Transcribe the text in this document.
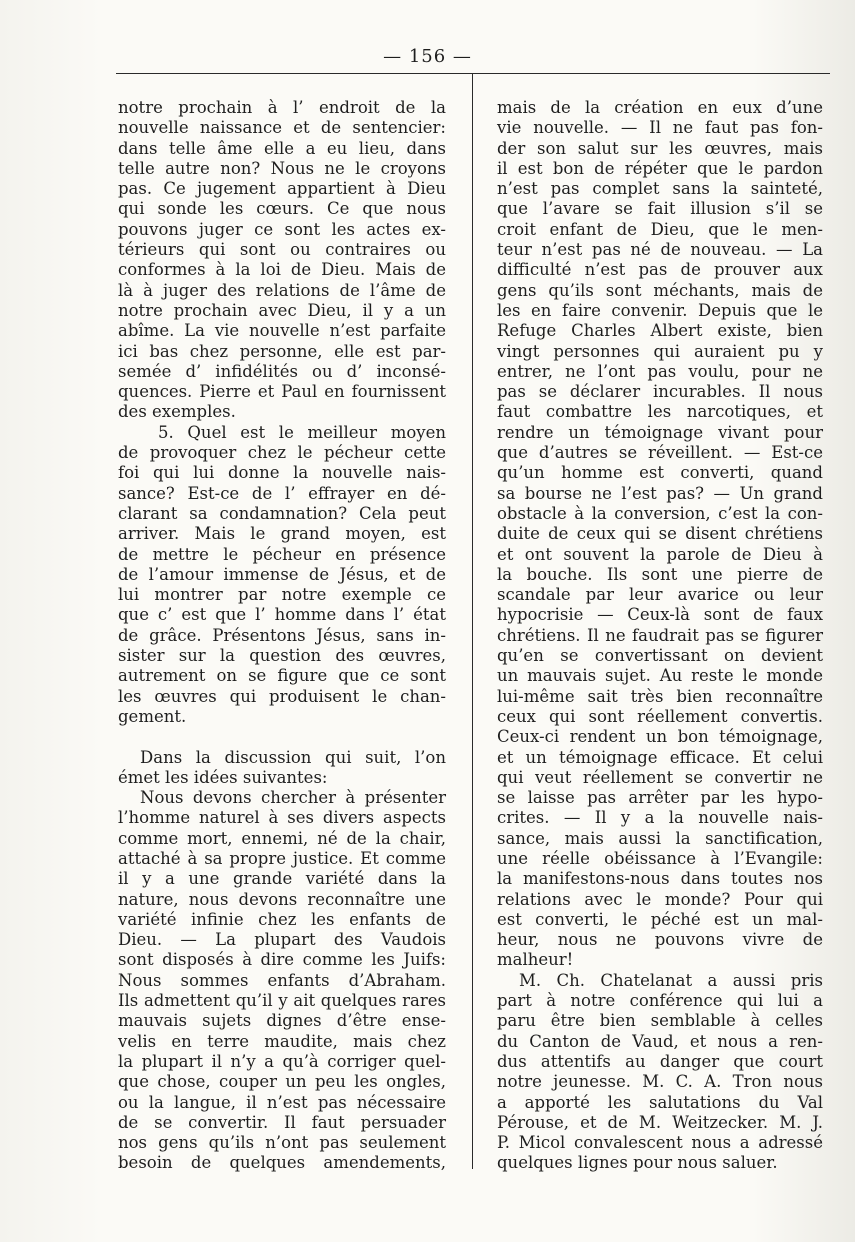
— 156 —
notre prochain à l’ endroit de la
nouvelle naissance et de sentencier:
dans telle âme elle a eu lieu, dans
telle autre non? Nous ne le croyons
pas. Ce jugement appartient à Dieu
qui sonde les cœurs. Ce que nous
pouvons juger ce sont les actes ex-
térieurs qui sont ou contraires ou
conformes à la loi de Dieu. Mais de
là à juger des relations de l’âme de
notre prochain avec Dieu, il y a un
abîme. La vie nouvelle n’est parfaite
ici bas chez personne, elle est par-
semée d’ infidélités ou d’ inconsé-
quences. Pierre et Paul en fournissent
des exemples.
5. Quel est le meilleur moyen
de provoquer chez le pécheur cette
foi qui lui donne la nouvelle nais-
sance? Est-ce de l’ effrayer en dé-
clarant sa condamnation? Cela peut
arriver. Mais le grand moyen, est
de mettre le pécheur en présence
de l’amour immense de Jésus, et de
lui montrer par notre exemple ce
que c’ est que l’ homme dans l’ état
de grâce. Présentons Jésus, sans in-
sister sur la question des œuvres,
autrement on se figure que ce sont
les œuvres qui produisent le chan-
gement.
Dans la discussion qui suit, l’on
émet les idées suivantes:
Nous devons chercher à présenter
l’homme naturel à ses divers aspects
comme mort, ennemi, né de la chair,
attaché à sa propre justice. Et comme
il y a une grande variété dans la
nature, nous devons reconnaître une
variété infinie chez les enfants de
Dieu. — La plupart des Vaudois
sont disposés à dire comme les Juifs:
Nous sommes enfants d’Abraham.
Ils admettent qu’il y ait quelques rares
mauvais sujets dignes d’être ense-
velis en terre maudite, mais chez
la plupart il n’y a qu’à corriger quel-
que chose, couper un peu les ongles,
ou la langue, il n’est pas nécessaire
de se convertir. Il faut persuader
nos gens qu’ils n’ont pas seulement
besoin de quelques amendements,
mais de la création en eux d’une
vie nouvelle. — Il ne faut pas fon-
der son salut sur les œuvres, mais
il est bon de répéter que le pardon
n’est pas complet sans la sainteté,
que l’avare se fait illusion s’il se
croit enfant de Dieu, que le men-
teur n’est pas né de nouveau. — La
difficulté n’est pas de prouver aux
gens qu’ils sont méchants, mais de
les en faire convenir. Depuis que le
Refuge Charles Albert existe, bien
vingt personnes qui auraient pu y
entrer, ne l’ont pas voulu, pour ne
pas se déclarer incurables. Il nous
faut combattre les narcotiques, et
rendre un témoignage vivant pour
que d’autres se réveillent. — Est-ce
qu’un homme est converti, quand
sa bourse ne l’est pas? — Un grand
obstacle à la conversion, c’est la con-
duite de ceux qui se disent chrétiens
et ont souvent la parole de Dieu à
la bouche. Ils sont une pierre de
scandale par leur avarice ou leur
hypocrisie — Ceux-là sont de faux
chrétiens. Il ne faudrait pas se figurer
qu’en se convertissant on devient
un mauvais sujet. Au reste le monde
lui-même sait très bien reconnaître
ceux qui sont réellement convertis.
Ceux-ci rendent un bon témoignage,
et un témoignage efficace. Et celui
qui veut réellement se convertir ne
se laisse pas arrêter par les hypo-
crites. — Il y a la nouvelle nais-
sance, mais aussi la sanctification,
une réelle obéissance à l’Evangile:
la manifestons-nous dans toutes nos
relations avec le monde? Pour qui
est converti, le péché est un mal-
heur, nous ne pouvons vivre de
malheur!
M. Ch. Chatelanat a aussi pris
part à notre conférence qui lui a
paru être bien semblable à celles
du Canton de Vaud, et nous a ren-
dus attentifs au danger que court
notre jeunesse. M. C. A. Tron nous
a apporté les salutations du Val
Pérouse, et de M. Weitzecker. M. J.
P. Micol convalescent nous a adressé
quelques lignes pour nous saluer.
